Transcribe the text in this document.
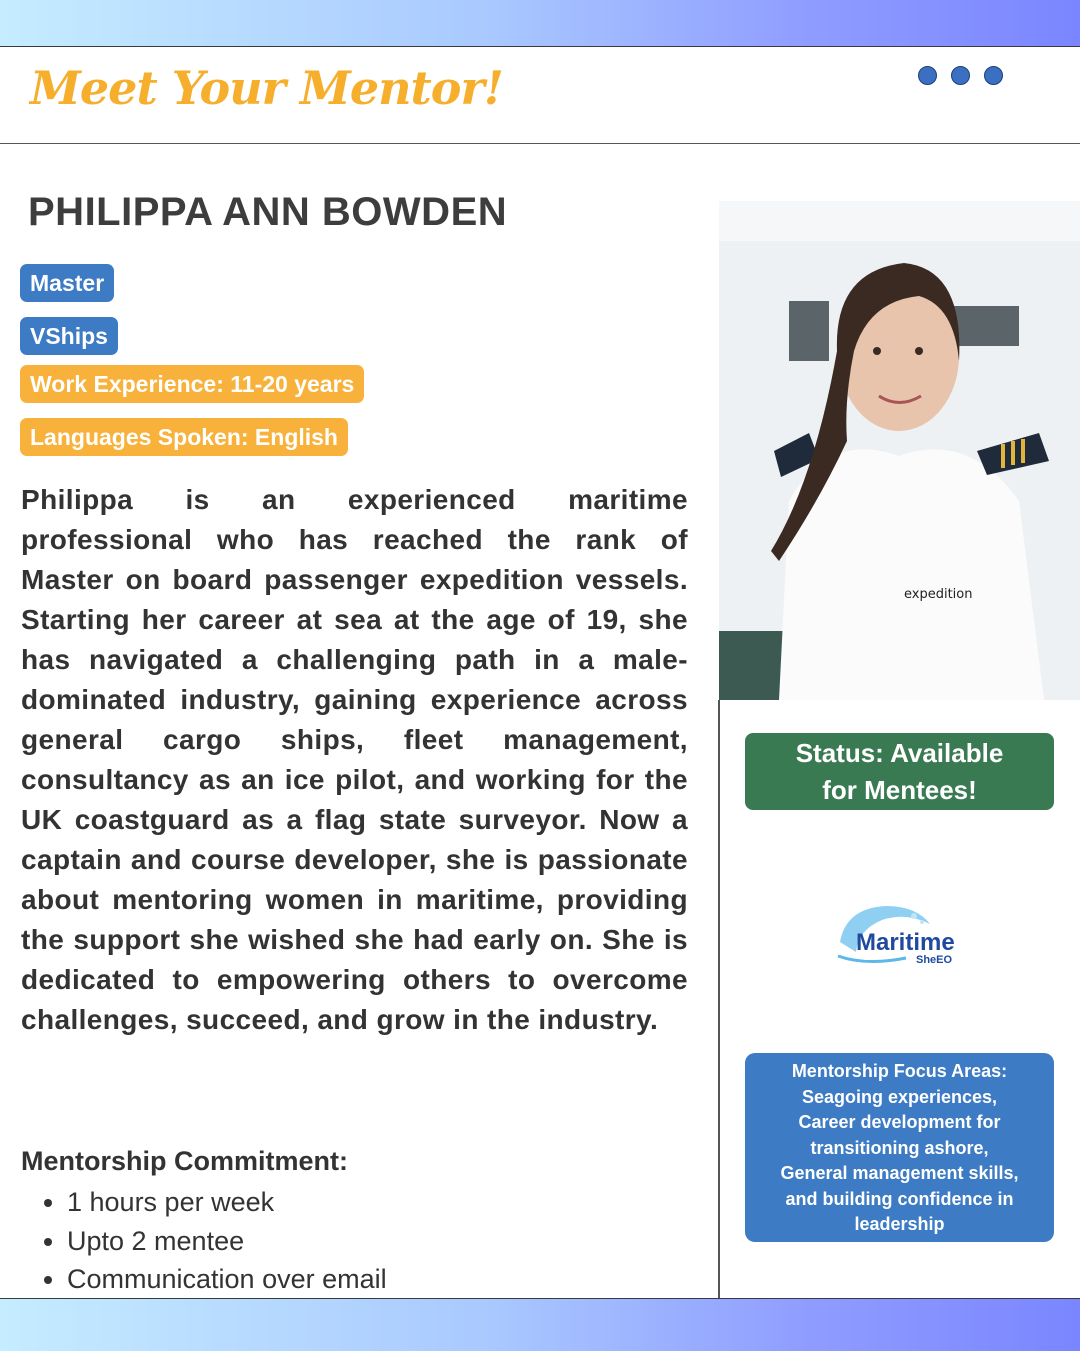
Meet Your Mentor!
PHILIPPA ANN BOWDEN
Master
VShips
Work Experience: 11-20 years
Languages Spoken: English
Philippa is an experienced maritime professional who has reached the rank of Master on board passenger expedition vessels. Starting her career at sea at the age of 19, she has navigated a challenging path in a male-dominated industry, gaining experience across general cargo ships, fleet management, consultancy as an ice pilot, and working for the UK coastguard as a flag state surveyor. Now a captain and course developer, she is passionate about mentoring women in maritime, providing the support she wished she had early on. She is dedicated to empowering others to overcome challenges, succeed, and grow in the industry.
Mentorship Commitment:
• 1 hours per week
• Upto 2 mentee
• Communication over email
expedition
Status: Available
for Mentees!
Maritime
SheEO
Mentorship Focus Areas:
Seagoing experiences,
Career development for
transitioning ashore,
General management skills,
and building confidence in
leadership
